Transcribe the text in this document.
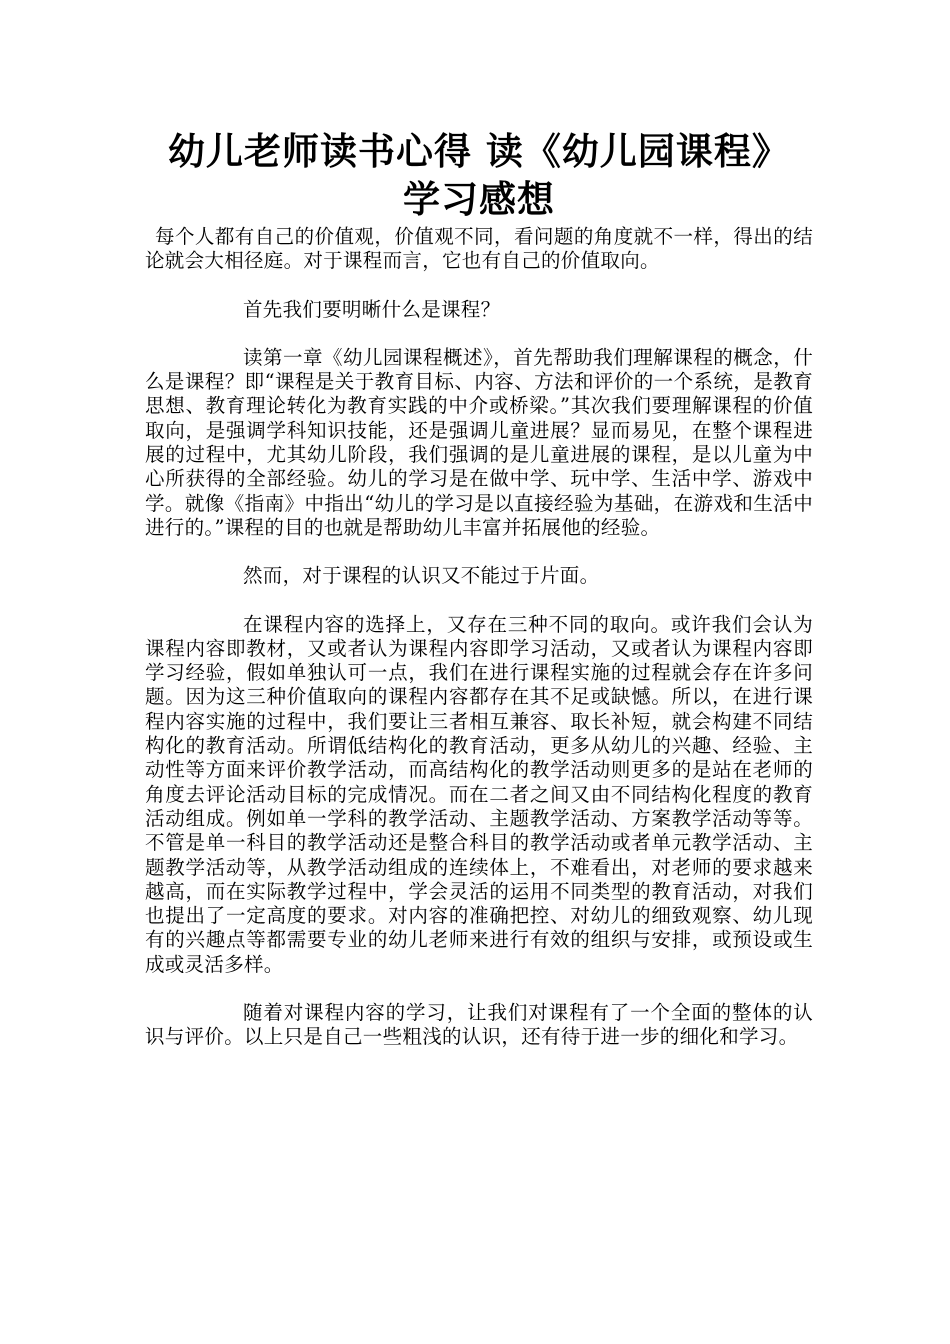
幼儿老师读书心得 读《幼儿园课程》
学习感想

每个人都有自己的价值观，价值观不同，看问题的角度就不一样，得出的结论就会大相径庭。对于课程而言，它也有自己的价值取向。

首先我们要明晰什么是课程？

读第一章《幼儿园课程概述》，首先帮助我们理解课程的概念，什么是课程？即“课程是关于教育目标、内容、方法和评价的一个系统，是教育思想、教育理论转化为教育实践的中介或桥梁。”其次我们要理解课程的价值取向，是强调学科知识技能，还是强调儿童进展？显而易见，在整个课程进展的过程中，尤其幼儿阶段，我们强调的是儿童进展的课程，是以儿童为中心所获得的全部经验。幼儿的学习是在做中学、玩中学、生活中学、游戏中学。就像《指南》中指出“幼儿的学习是以直接经验为基础，在游戏和生活中进行的。”课程的目的也就是帮助幼儿丰富并拓展他的经验。

然而，对于课程的认识又不能过于片面。

在课程内容的选择上，又存在三种不同的取向。或许我们会认为课程内容即教材，又或者认为课程内容即学习活动，又或者认为课程内容即学习经验，假如单独认可一点，我们在进行课程实施的过程就会存在许多问题。因为这三种价值取向的课程内容都存在其不足或缺憾。所以，在进行课程内容实施的过程中，我们要让三者相互兼容、取长补短，就会构建不同结构化的教育活动。所谓低结构化的教育活动，更多从幼儿的兴趣、经验、主动性等方面来评价教学活动，而高结构化的教学活动则更多的是站在老师的角度去评论活动目标的完成情况。而在二者之间又由不同结构化程度的教育活动组成。例如单一学科的教学活动、主题教学活动、方案教学活动等等。不管是单一科目的教学活动还是整合科目的教学活动或者单元教学活动、主题教学活动等，从教学活动组成的连续体上，不难看出，对老师的要求越来越高，而在实际教学过程中，学会灵活的运用不同类型的教育活动，对我们也提出了一定高度的要求。对内容的准确把控、对幼儿的细致观察、幼儿现有的兴趣点等都需要专业的幼儿老师来进行有效的组织与安排，或预设或生成或灵活多样。

随着对课程内容的学习，让我们对课程有了一个全面的整体的认识与评价。以上只是自己一些粗浅的认识，还有待于进一步的细化和学习。
